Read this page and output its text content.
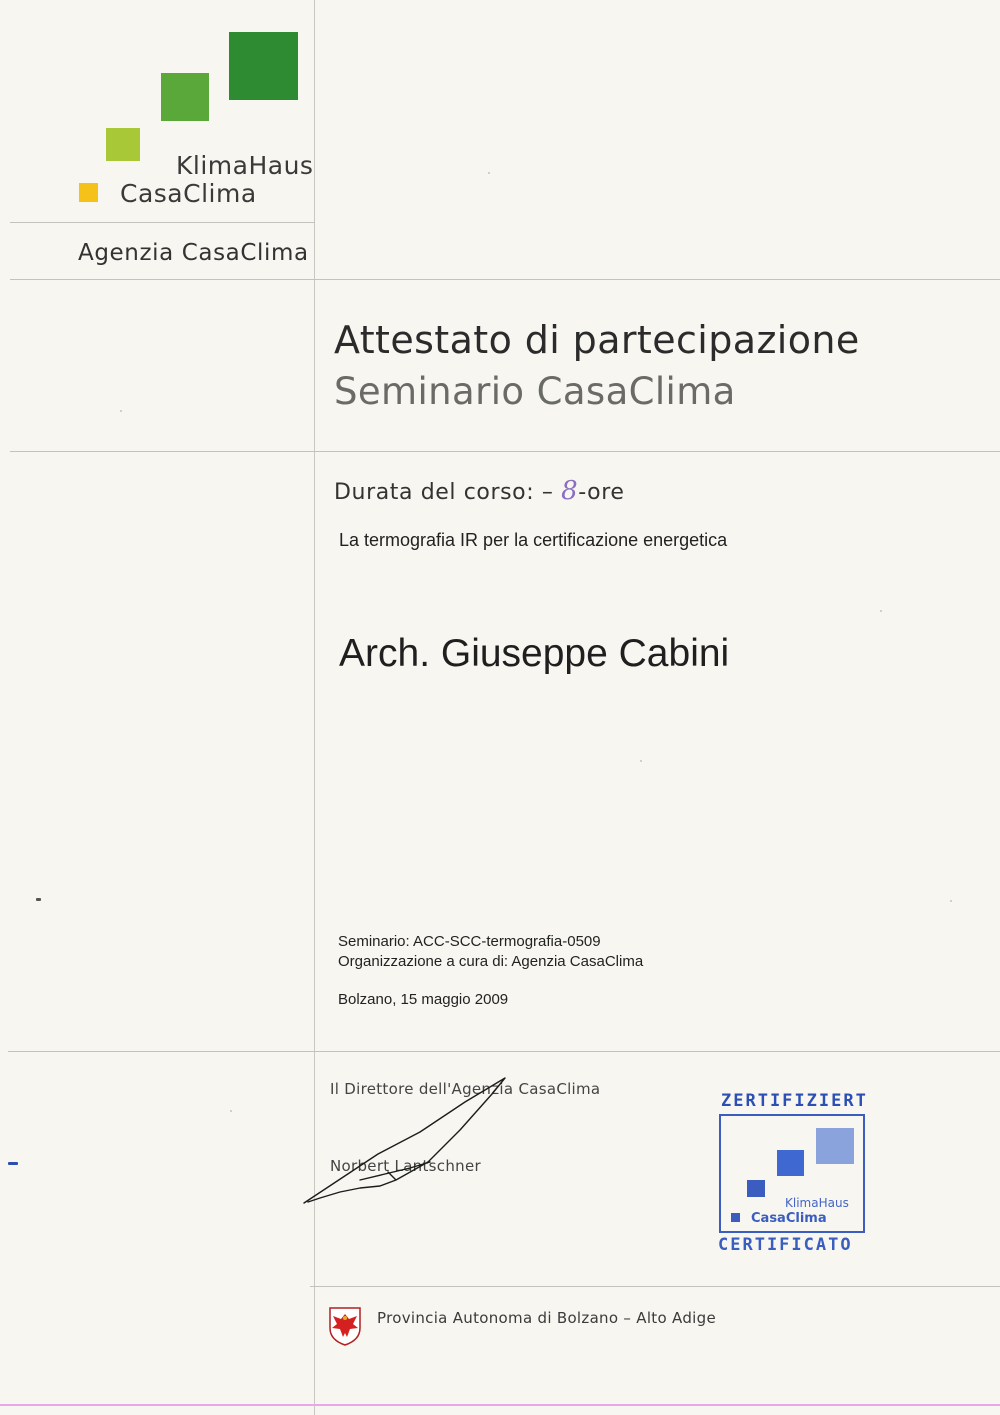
KlimaHaus
CasaClima
Agenzia CasaClima
Attestato di partecipazione
Seminario CasaClima
Durata del corso: – 8-ore
La termografia IR per la certificazione energetica
Arch. Giuseppe Cabini
Seminario: ACC-SCC-termografia-0509
Organizzazione a cura di: Agenzia CasaClima
Bolzano, 15 maggio 2009
Il Direttore dell'Agenzia CasaClima
Norbert Lantschner
ZERTIFIZIERT
KlimaHaus
CasaClima
CERTIFICATO
Provincia Autonoma di Bolzano – Alto Adige
